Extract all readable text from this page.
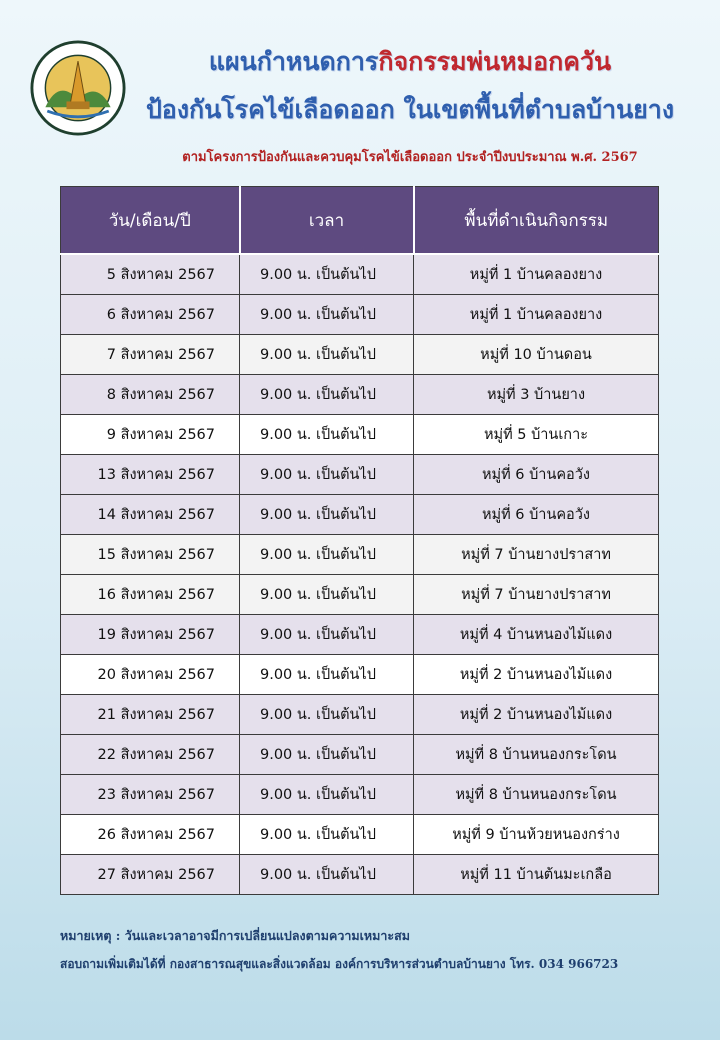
แผนกำหนดการกิจกรรมพ่นหมอกควัน
ป้องกันโรคไข้เลือดออก ในเขตพื้นที่ตำบลบ้านยาง
ตามโครงการป้องกันและควบคุมโรคไข้เลือดออก ประจำปีงบประมาณ พ.ศ. 2567
วัน/เดือน/ปี	เวลา	พื้นที่ดำเนินกิจกรรม
5 สิงหาคม 2567	9.00 น. เป็นต้นไป	หมู่ที่ 1 บ้านคลองยาง
6 สิงหาคม 2567	9.00 น. เป็นต้นไป	หมู่ที่ 1 บ้านคลองยาง
7 สิงหาคม 2567	9.00 น. เป็นต้นไป	หมู่ที่ 10 บ้านดอน
8 สิงหาคม 2567	9.00 น. เป็นต้นไป	หมู่ที่ 3 บ้านยาง
9 สิงหาคม 2567	9.00 น. เป็นต้นไป	หมู่ที่ 5 บ้านเกาะ
13 สิงหาคม 2567	9.00 น. เป็นต้นไป	หมู่ที่ 6 บ้านคอวัง
14 สิงหาคม 2567	9.00 น. เป็นต้นไป	หมู่ที่ 6 บ้านคอวัง
15 สิงหาคม 2567	9.00 น. เป็นต้นไป	หมู่ที่ 7 บ้านยางปราสาท
16 สิงหาคม 2567	9.00 น. เป็นต้นไป	หมู่ที่ 7 บ้านยางปราสาท
19 สิงหาคม 2567	9.00 น. เป็นต้นไป	หมู่ที่ 4 บ้านหนองไม้แดง
20 สิงหาคม 2567	9.00 น. เป็นต้นไป	หมู่ที่ 2 บ้านหนองไม้แดง
21 สิงหาคม 2567	9.00 น. เป็นต้นไป	หมู่ที่ 2 บ้านหนองไม้แดง
22 สิงหาคม 2567	9.00 น. เป็นต้นไป	หมู่ที่ 8 บ้านหนองกระโดน
23 สิงหาคม 2567	9.00 น. เป็นต้นไป	หมู่ที่ 8 บ้านหนองกระโดน
26 สิงหาคม 2567	9.00 น. เป็นต้นไป	หมู่ที่ 9 บ้านห้วยหนองกร่าง
27 สิงหาคม 2567	9.00 น. เป็นต้นไป	หมู่ที่ 11 บ้านต้นมะเกลือ
หมายเหตุ : วันและเวลาอาจมีการเปลี่ยนแปลงตามความเหมาะสม
สอบถามเพิ่มเติมได้ที่ กองสาธารณสุขและสิ่งแวดล้อม องค์การบริหารส่วนตำบลบ้านยาง โทร. 034 966723
